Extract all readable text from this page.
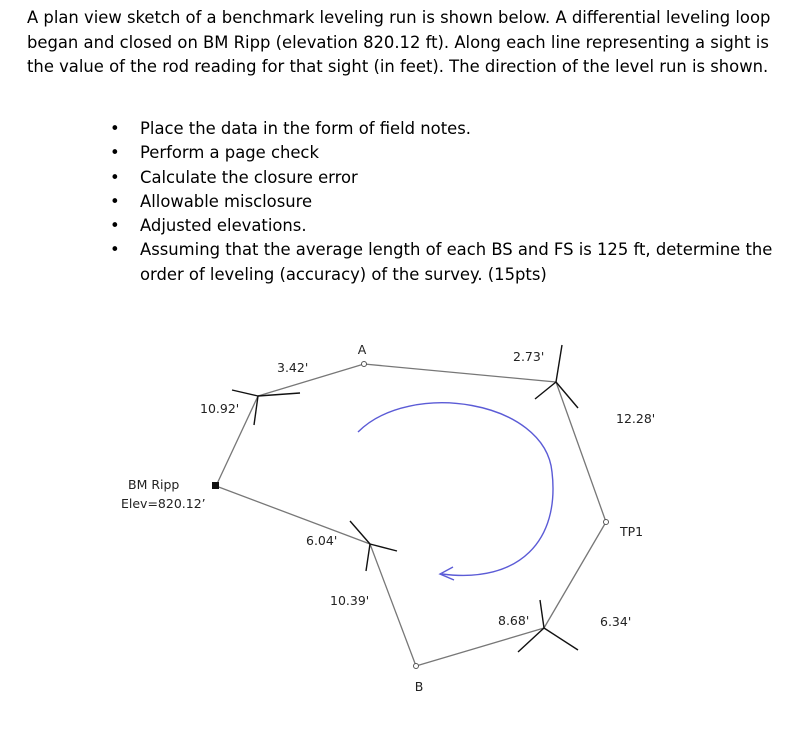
A plan view sketch of a benchmark leveling run is shown below. A differential leveling loop began and closed on BM Ripp (elevation 820.12 ft). Along each line representing a sight is the value of the rod reading for that sight (in feet). The direction of the level run is shown.

• Place the data in the form of field notes.
• Perform a page check
• Calculate the closure error
• Allowable misclosure
• Adjusted elevations.
• Assuming that the average length of each BS and FS is 125 ft, determine the order of leveling (accuracy) of the survey. (15pts)
A
B
TP1
BM Ripp
Elev=820.12’
10.92'
3.42'
2.73'
12.28'
6.34'
8.68'
10.39'
6.04'
